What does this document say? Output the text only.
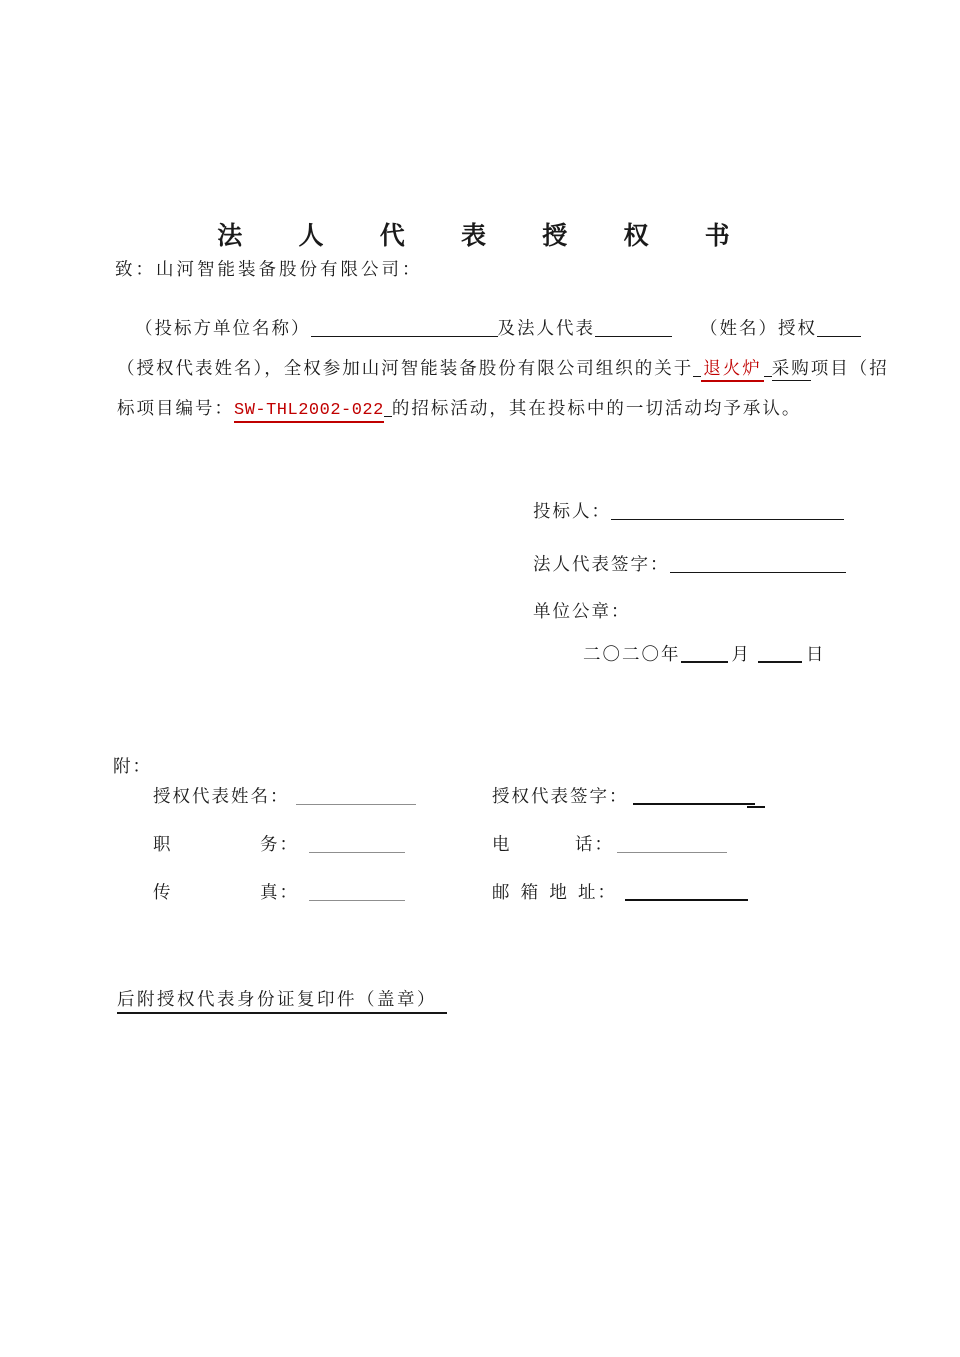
法 人 代 表 授 权 书
致：山河智能装备股份有限公司：
（投标方单位名称）	及法人代表	（姓名）授权
（授权代表姓名），全权参加山河智能装备股份有限公司组织的关于 退火炉 采购项目（招
标项目编号：SW-THL2002-022 的招标活动，其在投标中的一切活动均予承认。
投标人：
法人代表签字：
单位公章：
二〇二〇年	月	日
附：
授权代表姓名：	授权代表签字：
职	务：	电	话：
传	真：	邮 箱 地 址：
后附授权代表身份证复印件（盖章）
